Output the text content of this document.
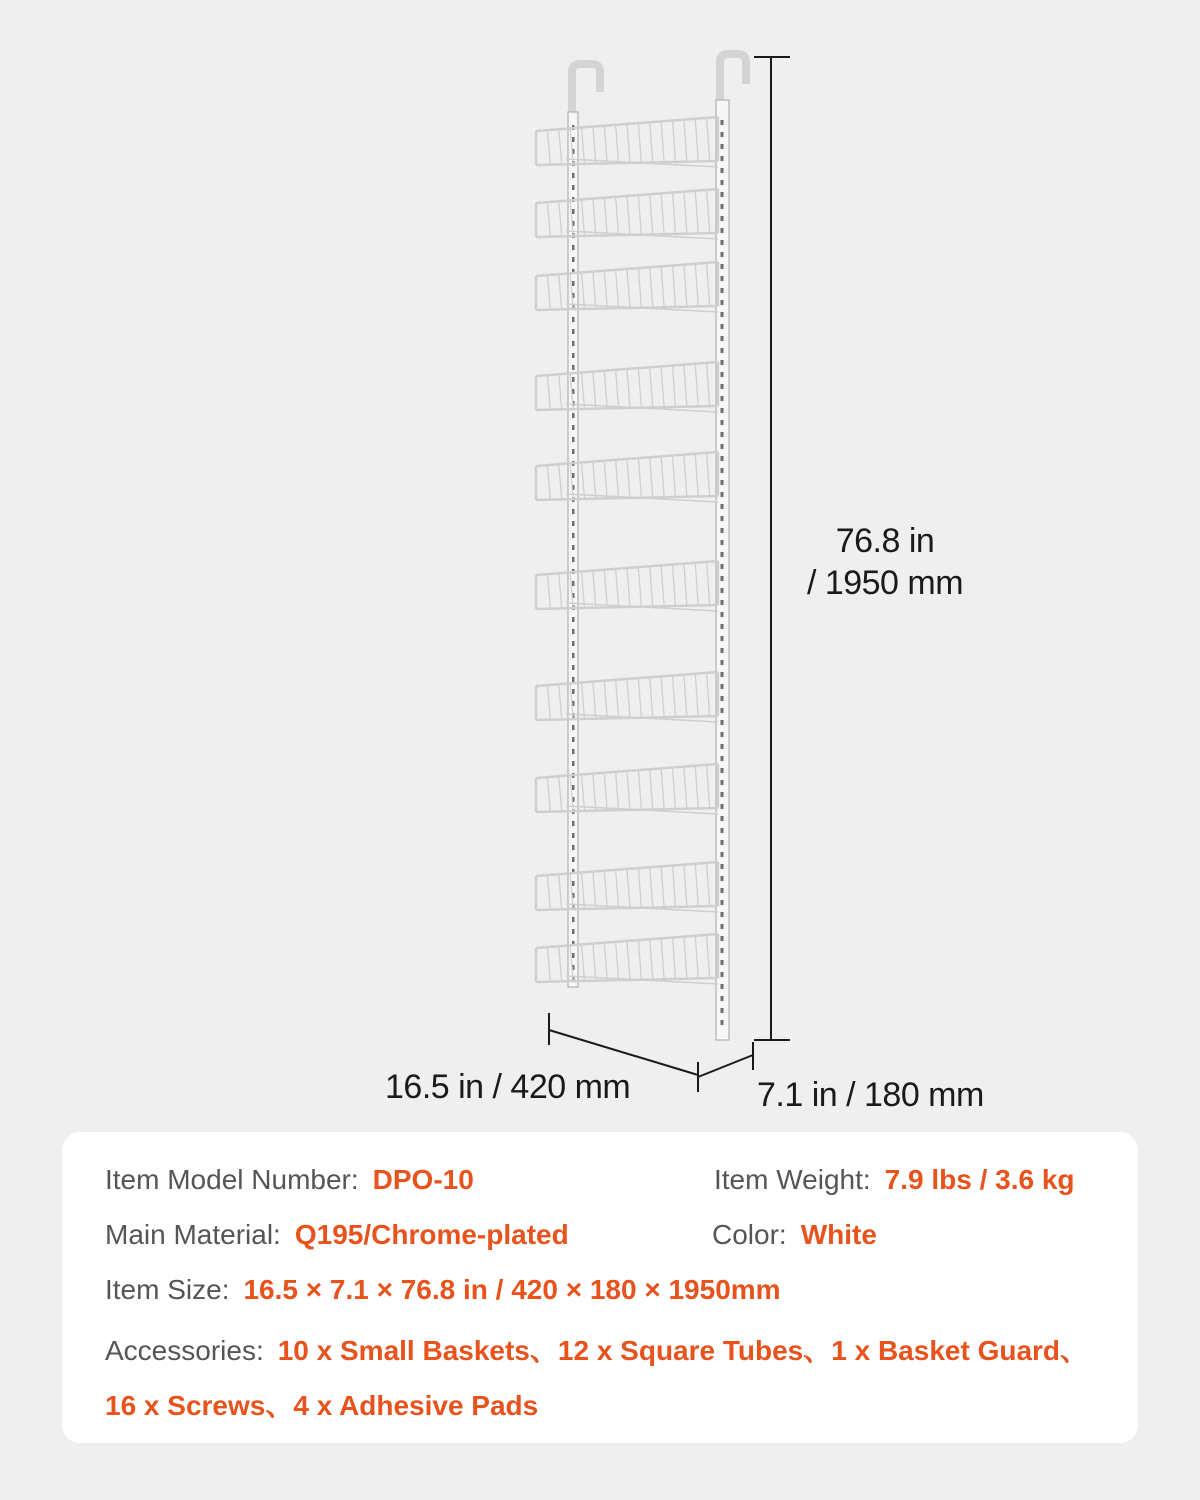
76.8 in
/ 1950 mm
16.5 in / 420 mm	7.1 in / 180 mm
Item Model Number: DPO-10	Item Weight: 7.9 lbs / 3.6 kg
Main Material: Q195/Chrome-plated	Color: White
Item Size: 16.5 × 7.1 × 76.8 in / 420 × 180 × 1950mm
Accessories: 10 x Small Baskets、12 x Square Tubes、1 x Basket Guard、
16 x Screws、4 x Adhesive Pads
